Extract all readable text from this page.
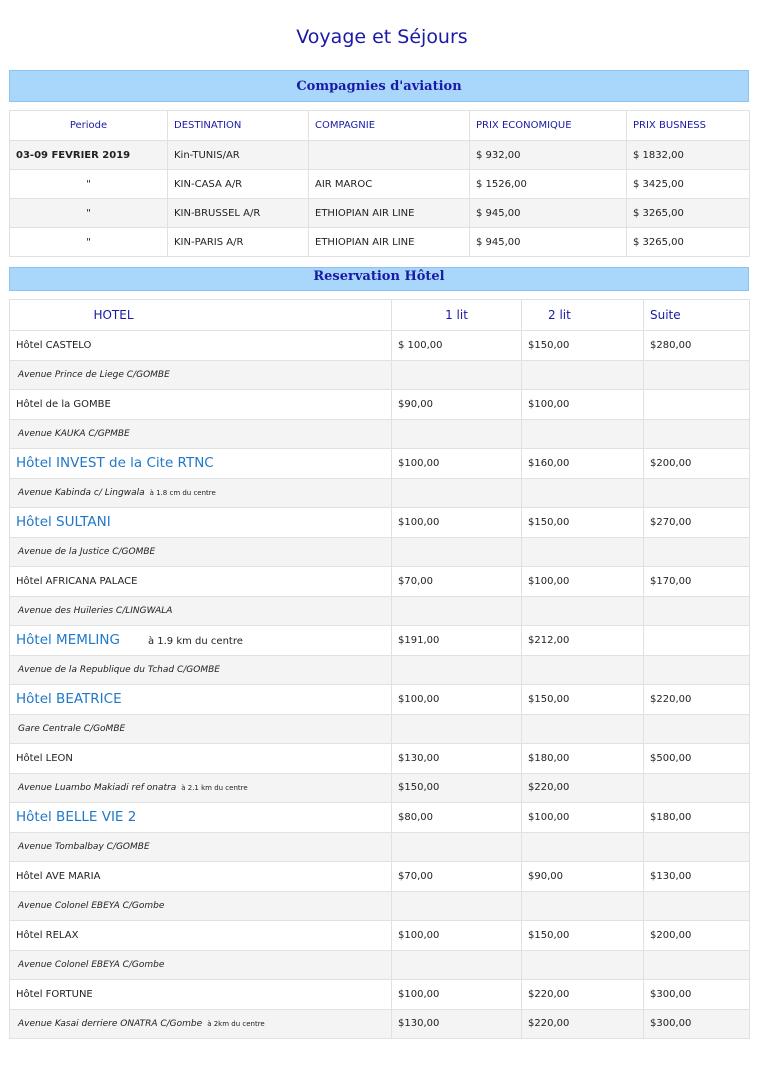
Voyage et Séjours
Compagnies d'aviation
Periode	DESTINATION	COMPAGNIE	PRIX ECONOMIQUE	PRIX BUSNESS
03-09 FEVRIER 2019	Kin-TUNIS/AR		$ 932,00	$ 1832,00
"	KIN-CASA A/R	AIR MAROC	$ 1526,00	$ 3425,00
"	KIN-BRUSSEL A/R	ETHIOPIAN AIR LINE	$ 945,00	$ 3265,00
"	KIN-PARIS A/R	ETHIOPIAN AIR LINE	$ 945,00	$ 3265,00
Reservation Hôtel
HOTEL	1 lit	2 lit	Suite
Hôtel CASTELO	$ 100,00	$150,00	$280,00
Avenue Prince de Liege C/GOMBE			
Hôtel de la GOMBE	$90,00	$100,00	
Avenue KAUKA C/GPMBE			
Hôtel INVEST de la Cite RTNC	$100,00	$160,00	$200,00
Avenue Kabinda c/ Lingwala à 1.8 cm du centre			
Hôtel SULTANI	$100,00	$150,00	$270,00
Avenue de la Justice C/GOMBE			
Hôtel AFRICANA PALACE	$70,00	$100,00	$170,00
Avenue des Huileries C/LINGWALA			
Hôtel MEMLING à 1.9 km du centre	$191,00	$212,00	
Avenue de la Republique du Tchad C/GOMBE			
Hôtel BEATRICE	$100,00	$150,00	$220,00
Gare Centrale C/GoMBE			
Hôtel LEON	$130,00	$180,00	$500,00
Avenue Luambo Makiadi ref onatra à 2.1 km du centre	$150,00	$220,00	
Hôtel BELLE VIE 2	$80,00	$100,00	$180,00
Avenue Tombalbay C/GOMBE			
Hôtel AVE MARIA	$70,00	$90,00	$130,00
Avenue Colonel EBEYA C/Gombe			
Hôtel RELAX	$100,00	$150,00	$200,00
Avenue Colonel EBEYA C/Gombe			
Hôtel FORTUNE	$100,00	$220,00	$300,00
Avenue Kasai derriere ONATRA C/Gombe à 2km du centre	$130,00	$220,00	$300,00
